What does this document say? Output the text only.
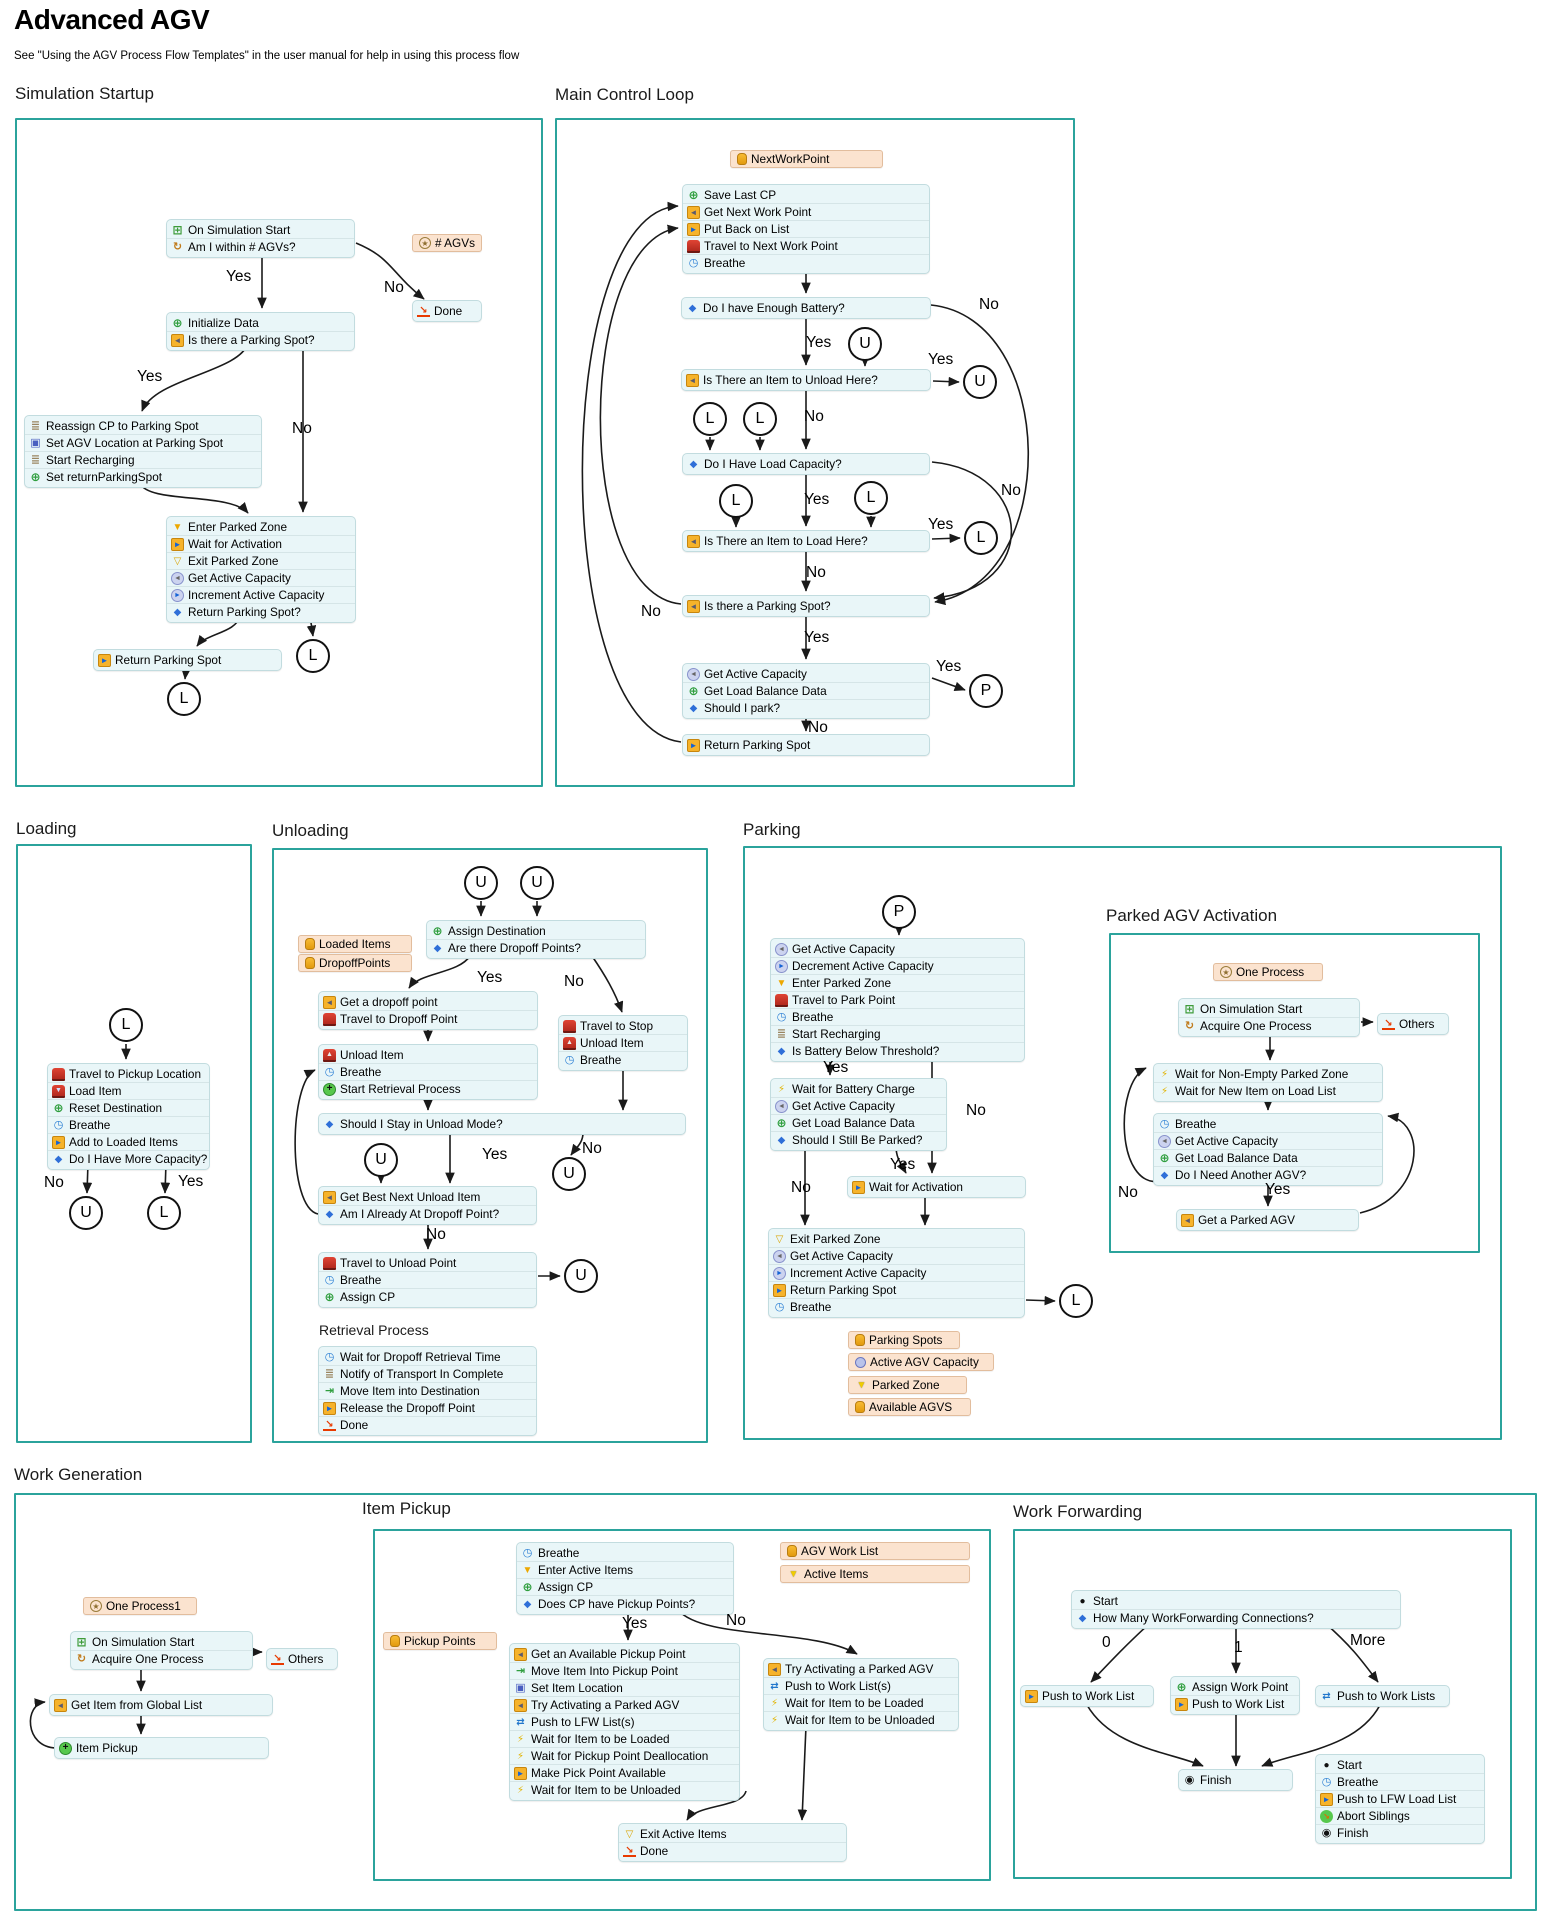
Advanced AGV
See "Using the AGV Process Flow Templates" in the user manual for help in using this process flow
Simulation Startup	Main Control Loop
Loading	Unloading	Parking
Parked AGV Activation
Work Generation
Item Pickup	Work Forwarding
⊞ On Simulation Start
↻ Am I within # AGVs?
↘ Done
⊕ Initialize Data
◄ Is there a Parking Spot?
≣ Reassign CP to Parking Spot
▣ Set AGV Location at Parking Spot
≣ Start Recharging
⊕ Set returnParkingSpot
▼ Enter Parked Zone
► Wait for Activation
▽ Exit Parked Zone
◄ Get Active Capacity
► Increment Active Capacity
◆ Return Parking Spot?
► Return Parking Spot
⊕ Save Last CP
◄ Get Next Work Point
► Put Back on List
Travel to Next Work Point
◷ Breathe
◆ Do I have Enough Battery?
◄ Is There an Item to Unload Here?
◆ Do I Have Load Capacity?
◄ Is There an Item to Load Here?
◄ Is there a Parking Spot?
◄ Get Active Capacity
⊕ Get Load Balance Data
◆ Should I park?
► Return Parking Spot
Travel to Pickup Location
▼ Load Item
⊕ Reset Destination
◷ Breathe
► Add to Loaded Items
◆ Do I Have More Capacity?
⊕ Assign Destination
◆ Are there Dropoff Points?
◄ Get a dropoff point
Travel to Dropoff Point	Travel to Stop
▲ Unload Item
◷ Breathe
▲ Unload Item
◷ Breathe
+ Start Retrieval Process
◆ Should I Stay in Unload Mode?
◄ Get Best Next Unload Item
◆ Am I Already At Dropoff Point?
Travel to Unload Point
◷ Breathe
⊕ Assign CP
◷ Wait for Dropoff Retrieval Time
≣ Notify of Transport In Complete
⇥ Move Item into Destination
► Release the Dropoff Point
↘ Done
◄ Get Active Capacity
► Decrement Active Capacity
▼ Enter Parked Zone
Travel to Park Point
◷ Breathe
≣ Start Recharging
◆ Is Battery Below Threshold?
⚡ Wait for Battery Charge
◄ Get Active Capacity
⊕ Get Load Balance Data
◆ Should I Still Be Parked?
► Wait for Activation
▽ Exit Parked Zone
◄ Get Active Capacity
► Increment Active Capacity
► Return Parking Spot
◷ Breathe
⊞ On Simulation Start
↻ Acquire One Process	↘ Others
⚡ Wait for Non-Empty Parked Zone
⚡ Wait for New Item on Load List
◷ Breathe
◄ Get Active Capacity
⊕ Get Load Balance Data
◆ Do I Need Another AGV?
◄ Get a Parked AGV
⊞ On Simulation Start
↻ Acquire One Process	↘ Others
◄ Get Item from Global List
+ Item Pickup
◷ Breathe
▼ Enter Active Items
⊕ Assign CP
◆ Does CP have Pickup Points?
◄ Get an Available Pickup Point
⇥ Move Item Into Pickup Point
▣ Set Item Location
◄ Try Activating a Parked AGV
⇄ Push to LFW List(s)
⚡ Wait for Item to be Loaded
⚡ Wait for Pickup Point Deallocation
► Make Pick Point Available
⚡ Wait for Item to be Unloaded
◄ Try Activating a Parked AGV
⇄ Push to Work List(s)
⚡ Wait for Item to be Loaded
⚡ Wait for Item to be Unloaded
▽ Exit Active Items
↘ Done
● Start
◆ How Many WorkForwarding Connections?
► Push to Work List
⊕ Assign Work Point
► Push to Work List
⇄ Push to Work Lists
◉ Finish
● Start
◷ Breathe
► Push to LFW Load List
↘ Abort Siblings
◉ Finish
★ # AGVs
NextWorkPoint
Loaded Items
DropoffPoints
Parking Spots
Active AGV Capacity
▼ Parked Zone
Available AGVS
★ One Process
★ One Process1
Pickup Points
AGV Work List
▼ Active Items
L
L
U
U
L	L
L	L
L
P
L
U	L
U	U
U
U
U
P
L
Yes
No
Yes
No
No
Yes
Yes
No
Yes
No
Yes
No
No
Yes
Yes
No
No	Yes
Yes	No
Yes	No
No
Yes
No
Yes
No	No	Yes
Yes	No
0	1	More
Retrieval Process
